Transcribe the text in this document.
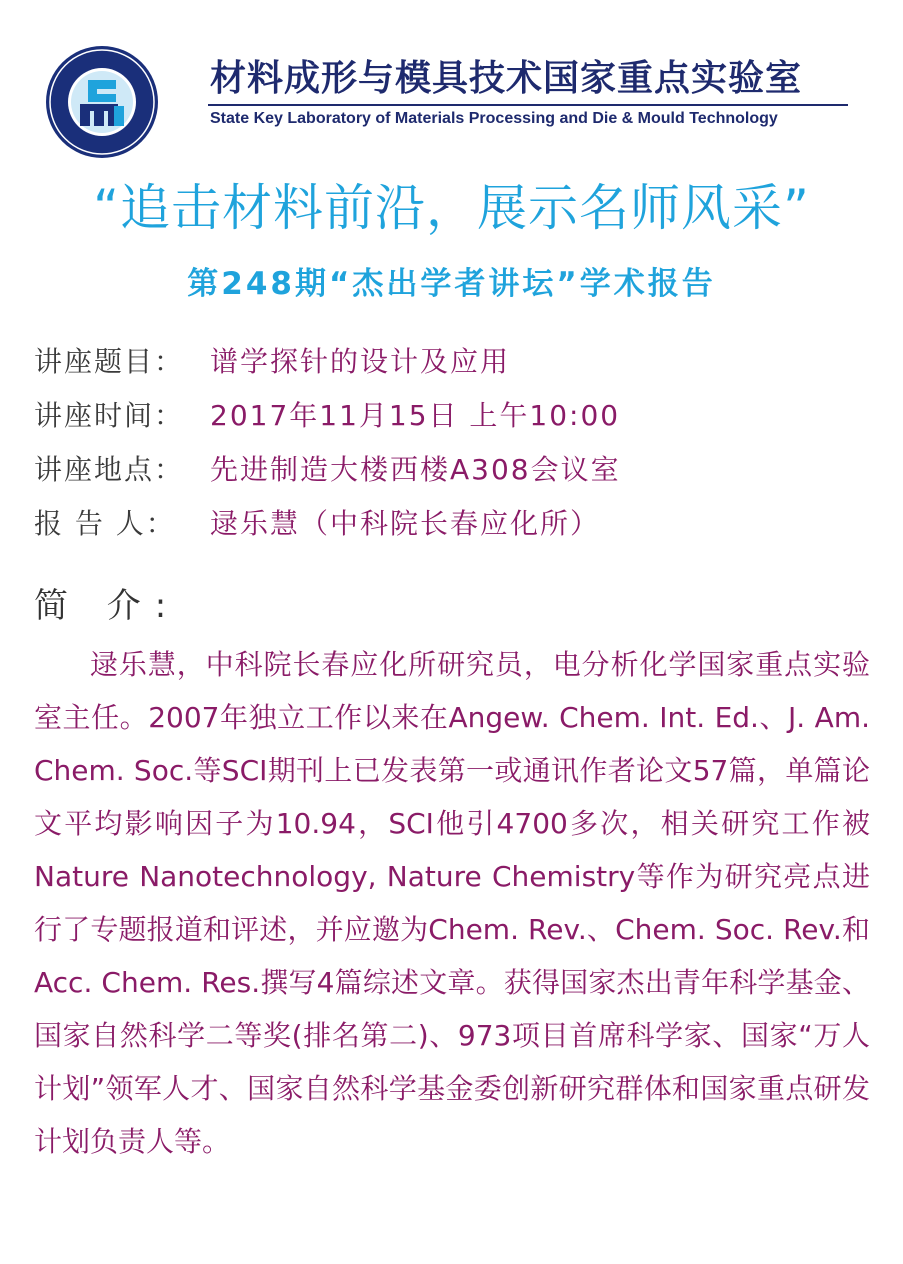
材料成形与模具技术国家重点实验室
State Key Laboratory of Materials Processing and Die & Mould Technology
“追击材料前沿，展示名师风采”
第248期“杰出学者讲坛”学术报告
讲座题目： 谱学探针的设计及应用
讲座时间： 2017年11月15日 上午10:00
讲座地点： 先进制造大楼西楼A308会议室
报 告 人： 逯乐慧（中科院长春应化所）
简 介:
逯乐慧，中科院长春应化所研究员，电分析化学国家重点实验室主任。2007年独立工作以来在Angew. Chem. Int. Ed.、J. Am. Chem. Soc.等SCI期刊上已发表第一或通讯作者论文57篇，单篇论文平均影响因子为10.94，SCI他引4700多次，相关研究工作被Nature Nanotechnology, Nature Chemistry等作为研究亮点进行了专题报道和评述，并应邀为Chem. Rev.、Chem. Soc. Rev.和Acc. Chem. Res.撰写4篇综述文章。获得国家杰出青年科学基金、国家自然科学二等奖(排名第二)、973项目首席科学家、国家“万人计划”领军人才、国家自然科学基金委创新研究群体和国家重点研发计划负责人等。
